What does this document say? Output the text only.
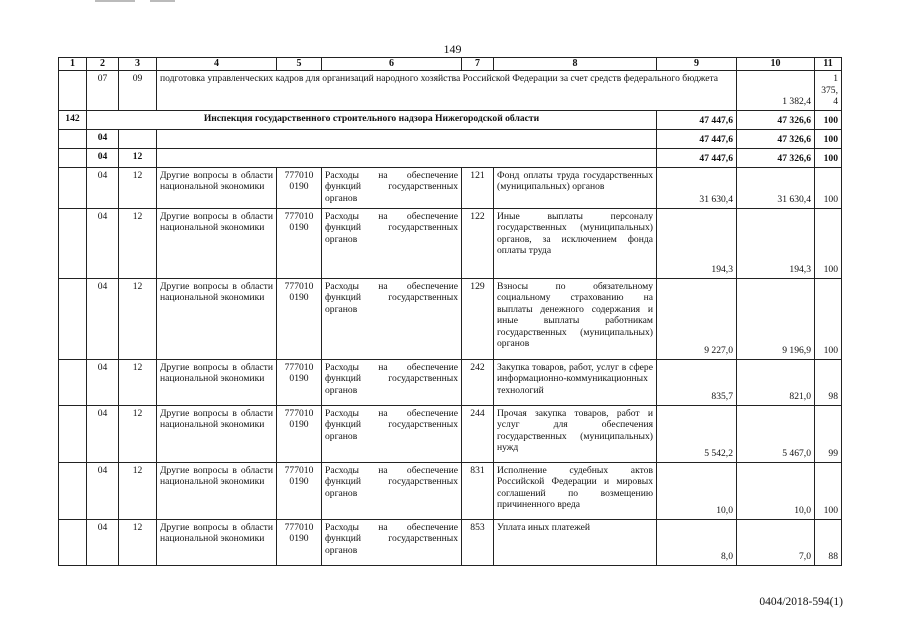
149
1	2	3	4	5	6	7	8	9	10	11	
	07	09	подготовка управленческих кадров для организаций народного хозяйства Российской Федерации за счет средств федерального бюджета						1 382,4	1 375,4	
142	Инспекция государственного строительного надзора Нижегородской области							47 447,6	47 326,6	100	
	04							47 447,6	47 326,6	100	
	04	12						47 447,6	47 326,6	100	
	04	12	Другие вопросы в области национальной экономики	777010 0190	Расходы на обеспечение функций государственных органов	121	Фонд оплаты труда государственных (муниципальных) органов	31 630,4	31 630,4	100	
	04	12	Другие вопросы в области национальной экономики	777010 0190	Расходы на обеспечение функций государственных органов	122	Иные выплаты персоналу государственных (муниципальных) органов, за исключением фонда оплаты труда	194,3	194,3	100	
	04	12	Другие вопросы в области национальной экономики	777010 0190	Расходы на обеспечение функций государственных органов	129	Взносы по обязательному социальному страхованию на выплаты денежного содержания и иные выплаты работникам государственных (муниципальных) органов	9 227,0	9 196,9	100	
	04	12	Другие вопросы в области национальной экономики	777010 0190	Расходы на обеспечение функций государственных органов	242	Закупка товаров, работ, услуг в сфере информационно-коммуникационных технологий	835,7	821,0	98	
	04	12	Другие вопросы в области национальной экономики	777010 0190	Расходы на обеспечение функций государственных органов	244	Прочая закупка товаров, работ и услуг для обеспечения государственных (муниципальных) нужд	5 542,2	5 467,0	99	
	04	12	Другие вопросы в области национальной экономики	777010 0190	Расходы на обеспечение функций государственных органов	831	Исполнение судебных актов Российской Федерации и мировых соглашений по возмещению причиненного вреда	10,0	10,0	100	
	04	12	Другие вопросы в области национальной экономики	777010 0190	Расходы на обеспечение функций государственных органов	853	Уплата иных платежей	8,0	7,0	88	
0404/2018-594(1)
